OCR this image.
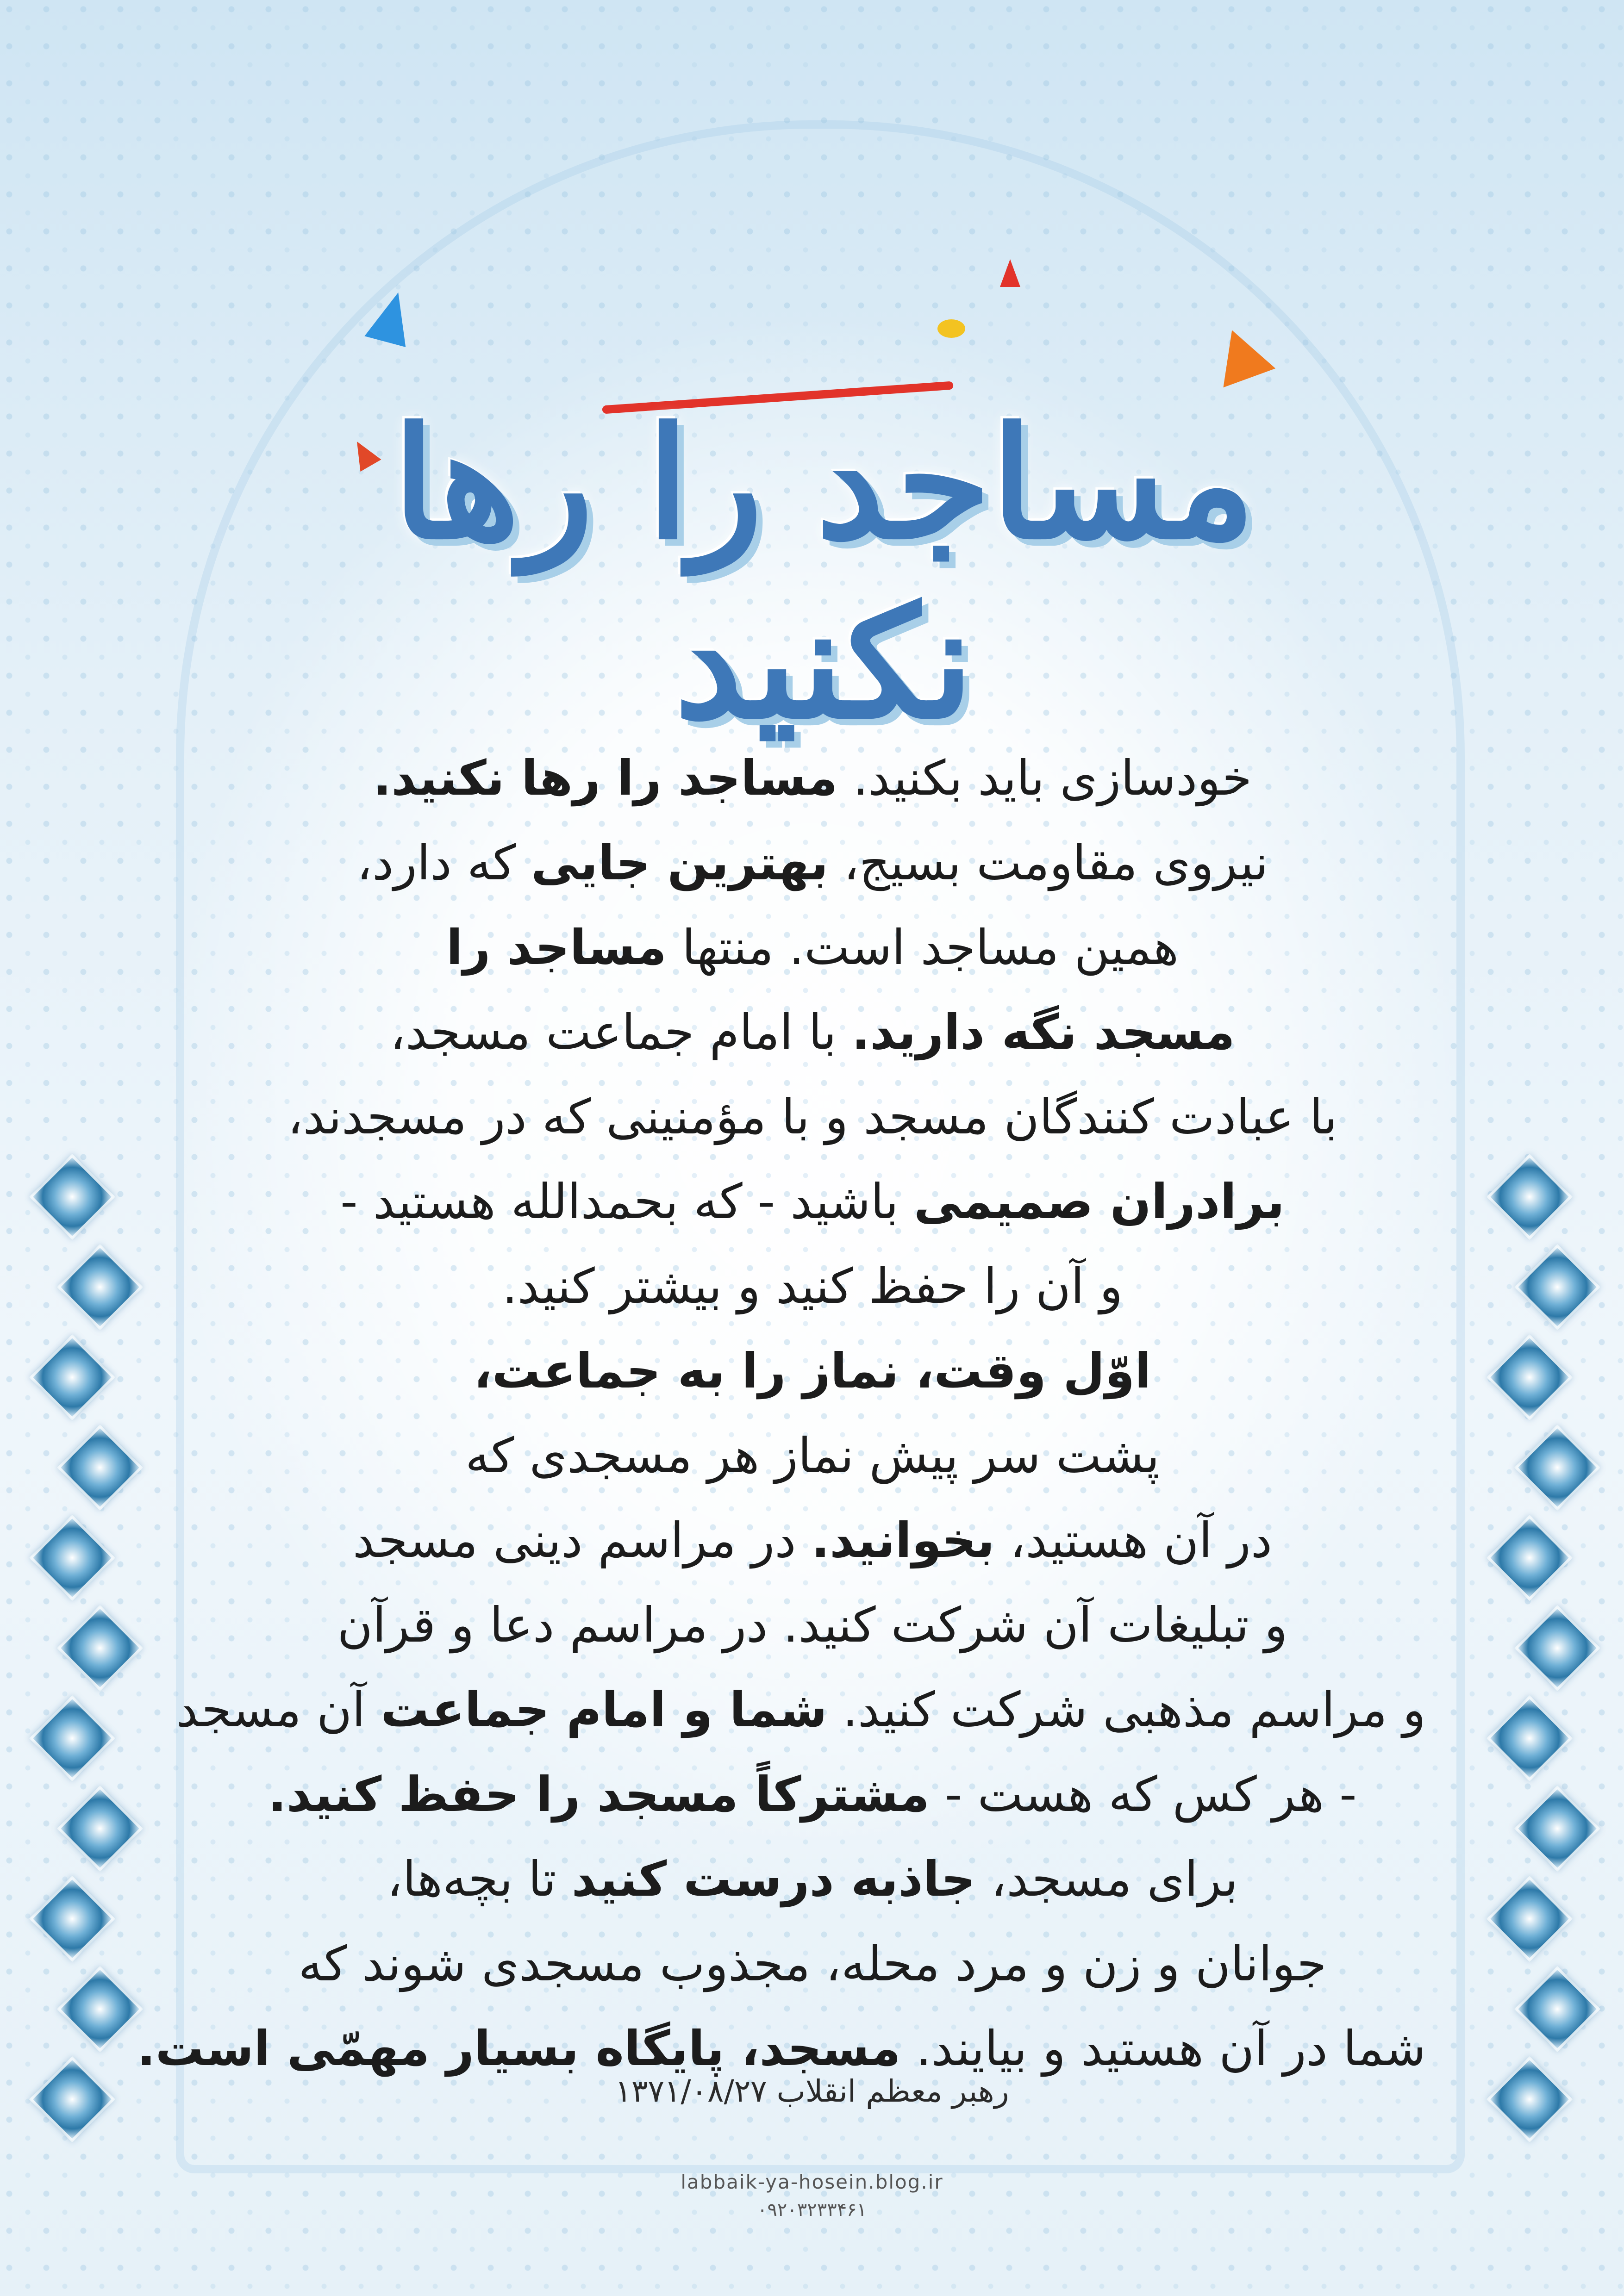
مساجد را رها نکنید
خودسازی باید بکنید. مساجد را رها نکنید.
نیروی مقاومت بسیج، بهترین جایی که دارد،
همین مساجد است. منتها مساجد را
مسجد نگه دارید. با امام جماعت مسجد،
با عبادت کنندگان مسجد و با مؤمنینی که در مسجدند،
برادران صمیمی باشید - که بحمدالله هستید -
و آن را حفظ کنید و بیشتر کنید.
اوّل وقت، نماز را به جماعت،
پشت سر پیش نماز هر مسجدی که
در آن هستید، بخوانید. در مراسم دینی مسجد
و تبلیغات آن شرکت کنید. در مراسم دعا و قرآن
و مراسم مذهبی شرکت کنید. شما و امام جماعت آن مسجد
- هر کس که هست - مشترکاً مسجد را حفظ کنید.
برای مسجد، جاذبه درست کنید تا بچه‌ها،
جوانان و زن و مرد محله، مجذوب مسجدی شوند که
شما در آن هستید و بیایند. مسجد، پایگاه بسیار مهمّی است.
رهبر معظم انقلاب ۱۳۷۱/۰۸/۲۷
labbaik-ya-hosein.blog.ir
۰۹۲۰۳۲۳۳۴۶۱
